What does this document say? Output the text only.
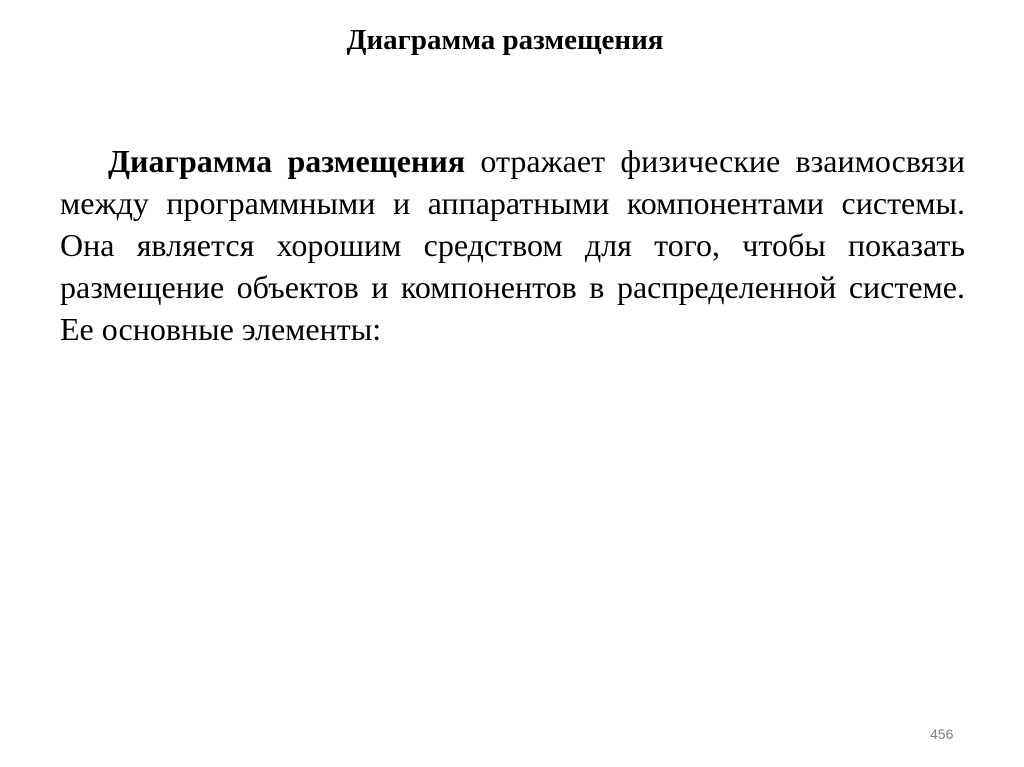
Диаграмма размещения

Диаграмма размещения отражает физические взаимосвязи между программными и аппаратными компонентами системы. Она является хорошим средством для того, чтобы показать размещение объектов и компонентов в распределенной системе. Ее основные элементы:

456
